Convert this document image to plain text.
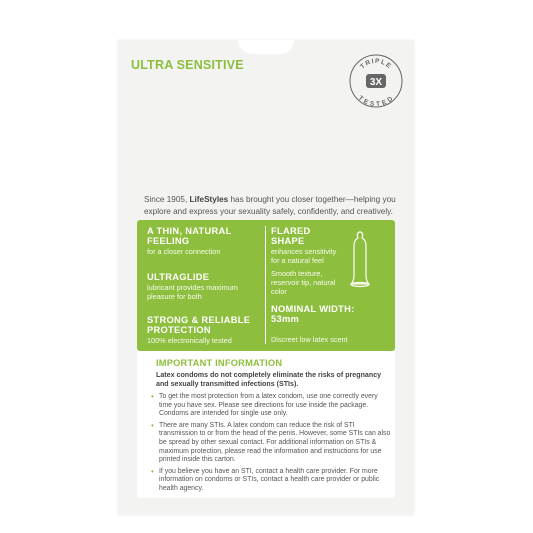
ULTRA SENSITIVE	TRIPLE
TESTED
3X
Since 1905, LifeStyles has brought you closer together—helping you explore and express your sexuality safely, confidently, and creatively.
A THIN, NATURAL FEELING
for a closer connection
ULTRAGLIDE
lubricant provides maximum pleasure for both
STRONG & RELIABLE PROTECTION
100% electronically tested
FLARED SHAPE
enhances sensitivity for a natural feel
Smooth texture, reservoir tip, natural color
NOMINAL WIDTH:
53mm
Discreet low latex scent
IMPORTANT INFORMATION
Latex condoms do not completely eliminate the risks of pregnancy and sexually transmitted infections (STIs).
• To get the most protection from a latex condom, use one correctly every time you have sex. Please see directions for use inside the package. Condoms are intended for single use only.
• There are many STIs. A latex condom can reduce the risk of STI transmission to or from the head of the penis. However, some STIs can also be spread by other sexual contact. For additional information on STIs & maximum protection, please read the information and instructions for use printed inside this carton.
• If you believe you have an STI, contact a health care provider. For more information on condoms or STIs, contact a health care provider or public health agency.
